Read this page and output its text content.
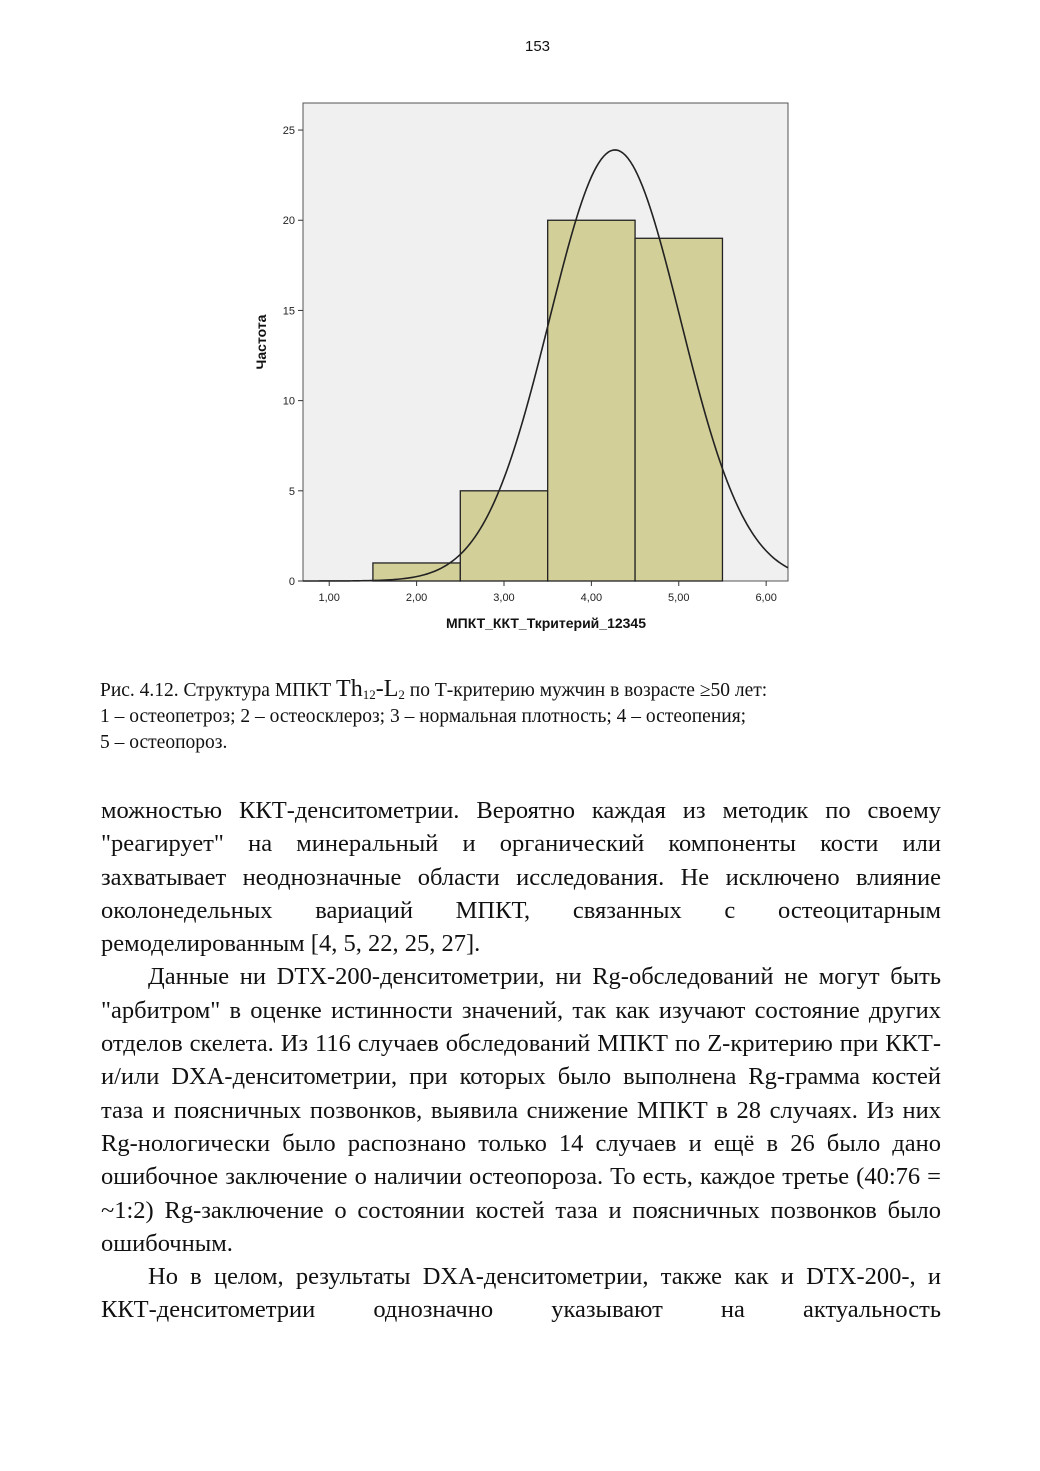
153
0
5
10
15
20
25
1,00	2,00	3,00	4,00	5,00	6,00
Частота
МПКТ_ККТ_Ткритерий_12345
Рис. 4.12. Структура МПКТ $Th_{12}-L_2$ по Т-критерию мужчин в возрасте ≥50 лет:
1 – остеопетроз; 2 – остеосклероз; 3 – нормальная плотность; 4 – остеопения;
5 – остеопороз.

можностью ККТ-денситометрии. Вероятно каждая из методик по своему "реагирует" на минеральный и органический компоненты кости или захватывает неоднозначные области исследования. Не исключено влияние околонедельных вариаций МПКТ, связанных с остеоцитарным ремоделированным [4, 5, 22, 25, 27].

Данные ни DTX-200-денситометрии, ни Rg-обследований не могут быть "арбитром" в оценке истинности значений, так как изучают состояние других отделов скелета. Из 116 случаев обследований МПКТ по Z-критерию при ККТ-и/или DXA-денситометрии, при которых было выполнена Rg-грамма костей таза и поясничных позвонков, выявила снижение МПКТ в 28 случаях. Из них Rg-нологически было распознано только 14 случаев и ещё в 26 было дано ошибочное заключение о наличии остеопороза. То есть, каждое третье (40:76 = ~1:2) Rg-заключение о состоянии костей таза и поясничных позвонков было ошибочным.

Но в целом, результаты DXA-денситометрии, также как и DTX-200-, и ККТ-денситометрии однозначно указывают на актуальность
